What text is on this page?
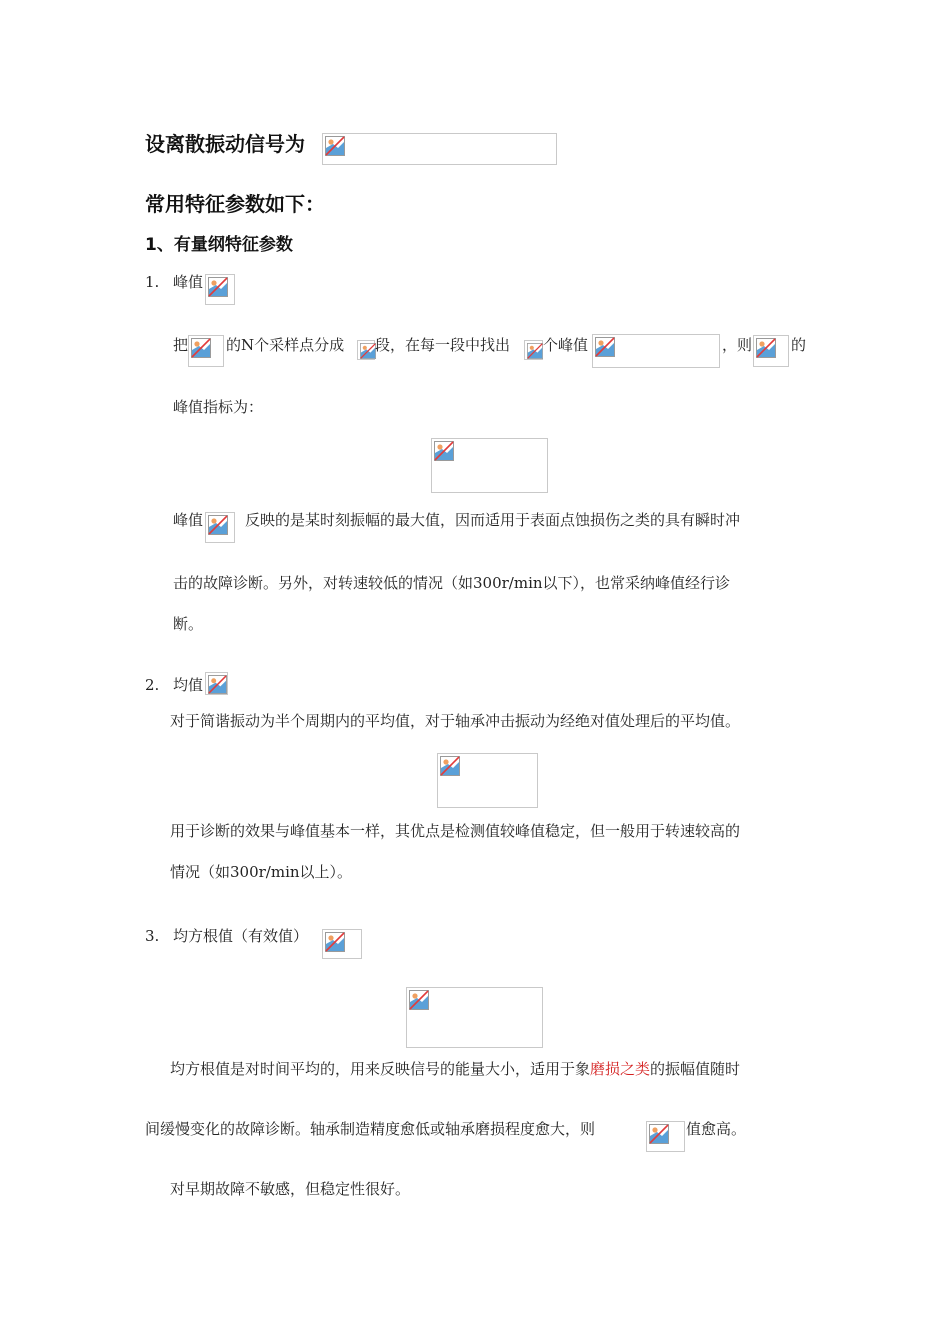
设离散振动信号为
常用特征参数如下：
1、有量纲特征参数
1. 峰值
把	的N个采样点分成 段，在每一段中找出 个峰值	，则	的
峰值指标为：
峰值	反映的是某时刻振幅的最大值，因而适用于表面点蚀损伤之类的具有瞬时冲
击的故障诊断。另外，对转速较低的情况（如300r/min以下），也常采纳峰值经行诊
断。
2. 均值
对于简谐振动为半个周期内的平均值，对于轴承冲击振动为经绝对值处理后的平均值。
用于诊断的效果与峰值基本一样，其优点是检测值较峰值稳定，但一般用于转速较高的
情况（如300r/min以上）。
3. 均方根值（有效值）
均方根值是对时间平均的，用来反映信号的能量大小，适用于象磨损之类的振幅值随时
间缓慢变化的故障诊断。轴承制造精度愈低或轴承磨损程度愈大，则	值愈高。
对早期故障不敏感，但稳定性很好。
